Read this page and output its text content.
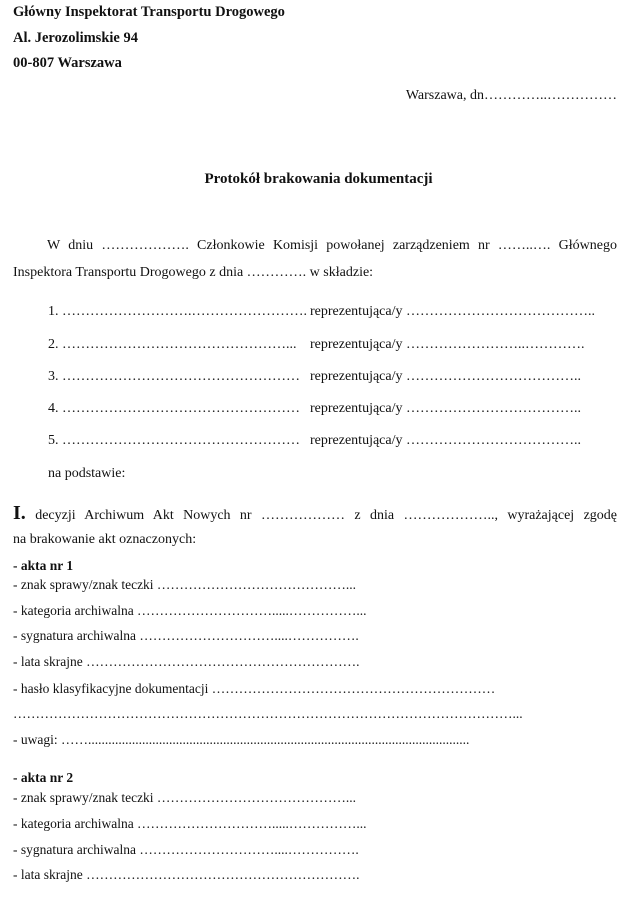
Główny Inspektorat Transportu Drogowego
Al. Jerozolimskie 94
00-807 Warszawa
Warszawa, dn…………..……………
Protokół brakowania dokumentacji
W dniu ………………. Członkowie Komisji powołanej zarządzeniem nr ……..…. Głównego
Inspektora Transportu Drogowego z dnia …………. w składzie:
1. ……………………….……………………. reprezentująca/y …………………………………..
2. …………………………………………... reprezentująca/y ……………………..………….
3. …………………………………………… reprezentująca/y ………………………………..
4. …………………………………………… reprezentująca/y ………………………………..
5. …………………………………………… reprezentująca/y ………………………………..
na podstawie:
I. decyzji Archiwum Akt Nowych nr ……………… z dnia ……………….., wyrażającej zgodę
na brakowanie akt oznaczonych:
- akta nr 1
- znak sprawy/znak teczki ……………………………………...
- kategoria archiwalna ………………………….....……………...
- sygnatura archiwalna …………………………....…………….
- lata skrajne …………………………………………………….
- hasło klasyfikacyjne dokumentacji ………………………………………………………
…………………………………………………………………………………………………...
- uwagi: …….................................................................................................................
- akta nr 2
- znak sprawy/znak teczki ……………………………………...
- kategoria archiwalna ………………………….....……………...
- sygnatura archiwalna …………………………....…………….
- lata skrajne …………………………………………………….
